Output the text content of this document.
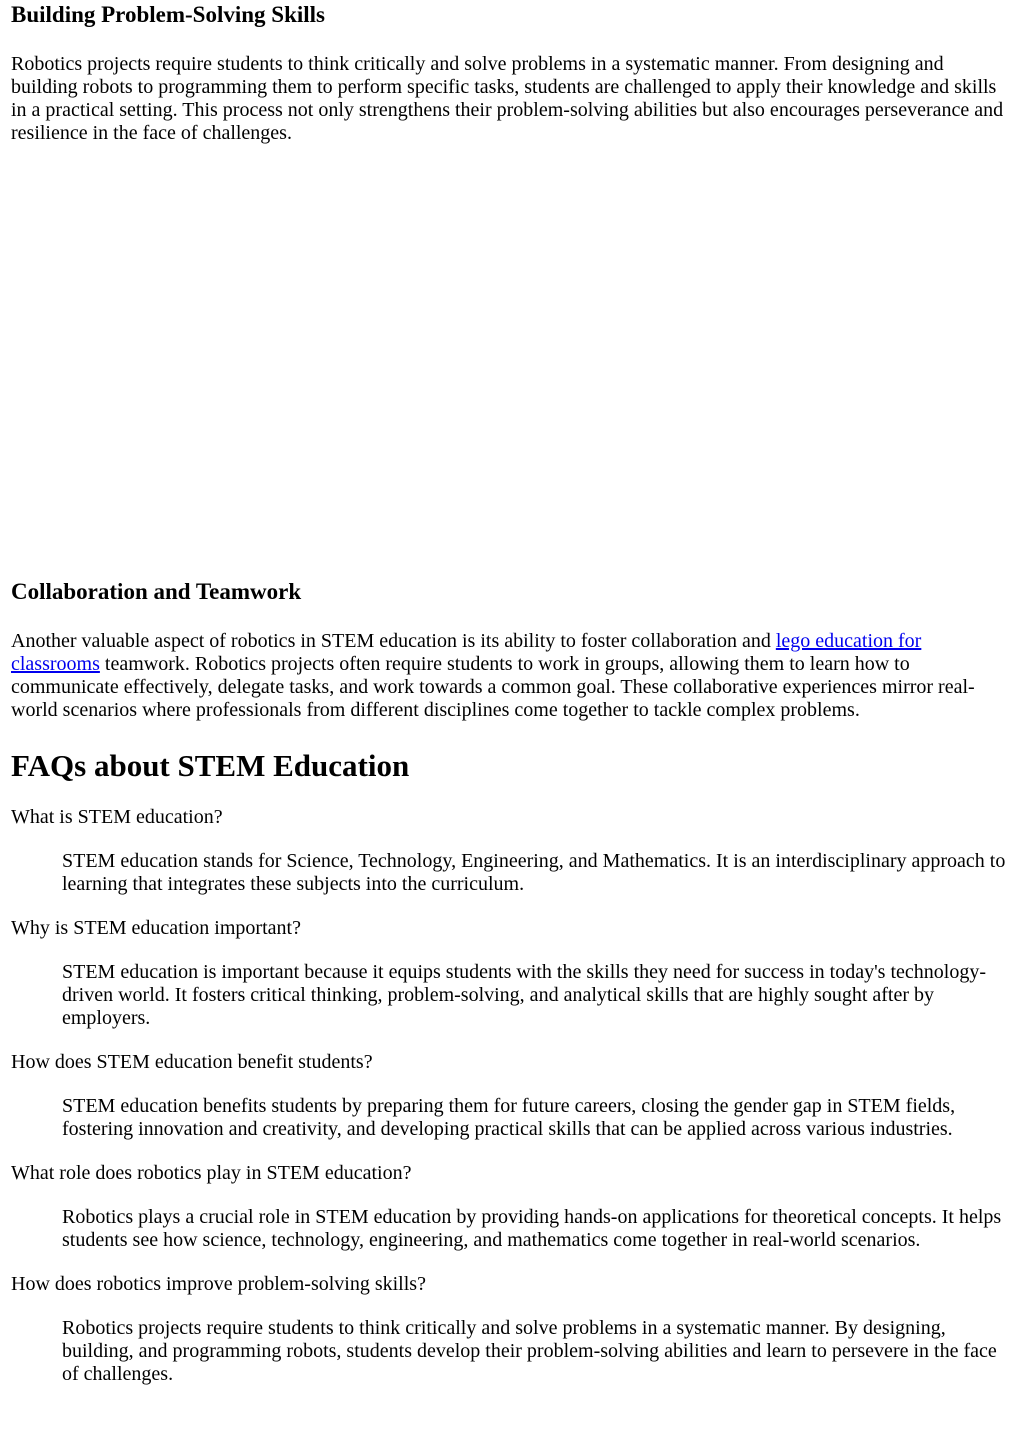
Building Problem-Solving Skills

Robotics projects require students to think critically and solve problems in a systematic manner. From designing and building robots to programming them to perform specific tasks, students are challenged to apply their knowledge and skills in a practical setting. This process not only strengthens their problem-solving abilities but also encourages perseverance and resilience in the face of challenges.

Collaboration and Teamwork

Another valuable aspect of robotics in STEM education is its ability to foster collaboration and lego education for classrooms teamwork. Robotics projects often require students to work in groups, allowing them to learn how to communicate effectively, delegate tasks, and work towards a common goal. These collaborative experiences mirror real-world scenarios where professionals from different disciplines come together to tackle complex problems.

FAQs about STEM Education
What is STEM education?
STEM education stands for Science, Technology, Engineering, and Mathematics. It is an interdisciplinary approach to learning that integrates these subjects into the curriculum.
Why is STEM education important?
STEM education is important because it equips students with the skills they need for success in today's technology-driven world. It fosters critical thinking, problem-solving, and analytical skills that are highly sought after by employers.
How does STEM education benefit students?
STEM education benefits students by preparing them for future careers, closing the gender gap in STEM fields, fostering innovation and creativity, and developing practical skills that can be applied across various industries.
What role does robotics play in STEM education?
Robotics plays a crucial role in STEM education by providing hands-on applications for theoretical concepts. It helps students see how science, technology, engineering, and mathematics come together in real-world scenarios.
How does robotics improve problem-solving skills?
Robotics projects require students to think critically and solve problems in a systematic manner. By designing, building, and programming robots, students develop their problem-solving abilities and learn to persevere in the face of challenges.
